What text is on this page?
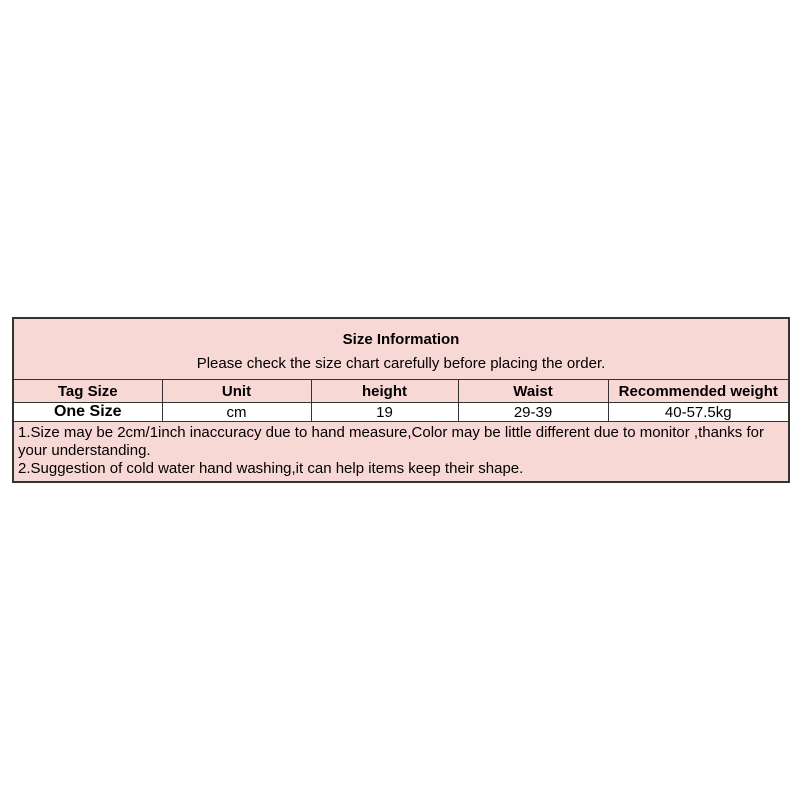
Size Information
Please check the size chart carefully before placing the order.				

Tag Size	Unit	height	Waist	Recommended weight
One Size	cm	19	29-39	40-57.5kg

1.Size may be 2cm/1inch inaccuracy due to hand measure,Color may be little different due to monitor ,thanks for your understanding.
2.Suggestion of cold water hand washing,it can help items keep their shape.				
